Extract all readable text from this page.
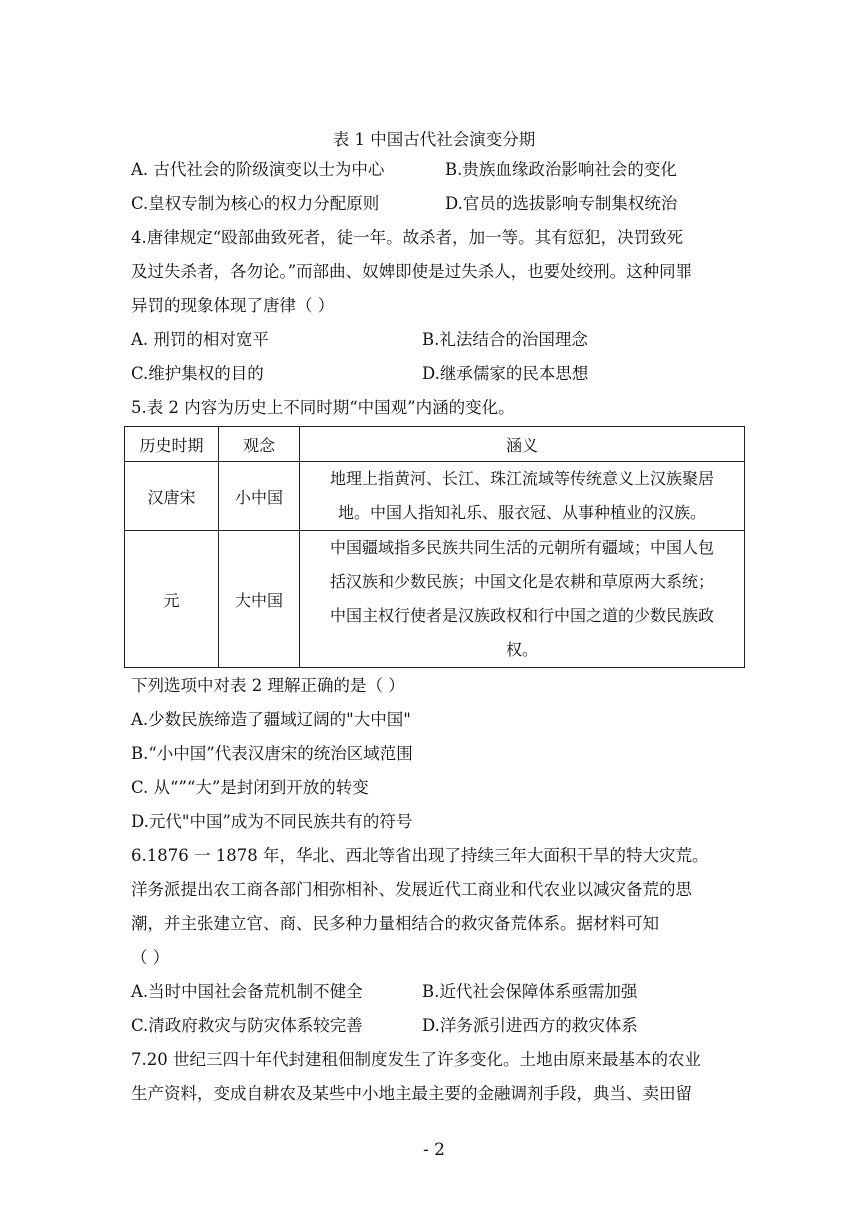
表 1 中国古代社会演变分期
A. 古代社会的阶级演变以士为中心	B.贵族血缘政治影响社会的变化
C.皇权专制为核心的权力分配原则	D.官员的选拔影响专制集权统治
4.唐律规定“殴部曲致死者，徒一年。故杀者，加一等。其有愆犯，决罚致死
及过失杀者，各勿论。”而部曲、奴婢即使是过失杀人，也要处绞刑。这种同罪
异罚的现象体现了唐律（ ）
A. 刑罚的相对宽平	B.礼法结合的治国理念
C.维护集权的目的	D.继承儒家的民本思想
5.表 2 内容为历史上不同时期“中国观”内涵的变化。
历史时期	观念	涵义
汉唐宋	小中国	地理上指黄河、长江、珠江流域等传统意义上汉族聚居
地。中国人指知礼乐、服衣冠、从事种植业的汉族。

元	大中国	中国疆域指多民族共同生活的元朝所有疆域；中国人包
括汉族和少数民族；中国文化是农耕和草原两大系统；
中国主权行使者是汉族政权和行中国之道的少数民族政
权。
下列选项中对表 2 理解正确的是（ ）
A.少数民族缔造了疆域辽阔的"大中国"
B.“小中国”代表汉唐宋的统治区域范围
C. 从“”“大”是封闭到开放的转变
D.元代"中国”成为不同民族共有的符号
6.1876 一 1878 年，华北、西北等省出现了持续三年大面积干旱的特大灾荒。
洋务派提出农工商各部门相弥相补、发展近代工商业和代农业以减灾备荒的思
潮，并主张建立官、商、民多种力量相结合的救灾备荒体系。据材料可知
（ ）
A.当时中国社会备荒机制不健全	B.近代社会保障体系亟需加强
C.清政府救灾与防灾体系较完善	D.洋务派引进西方的救灾体系
7.20 世纪三四十年代封建租佃制度发生了许多变化。土地由原来最基本的农业
生产资料，变成自耕农及某些中小地主最主要的金融调剂手段，典当、卖田留
- 2
